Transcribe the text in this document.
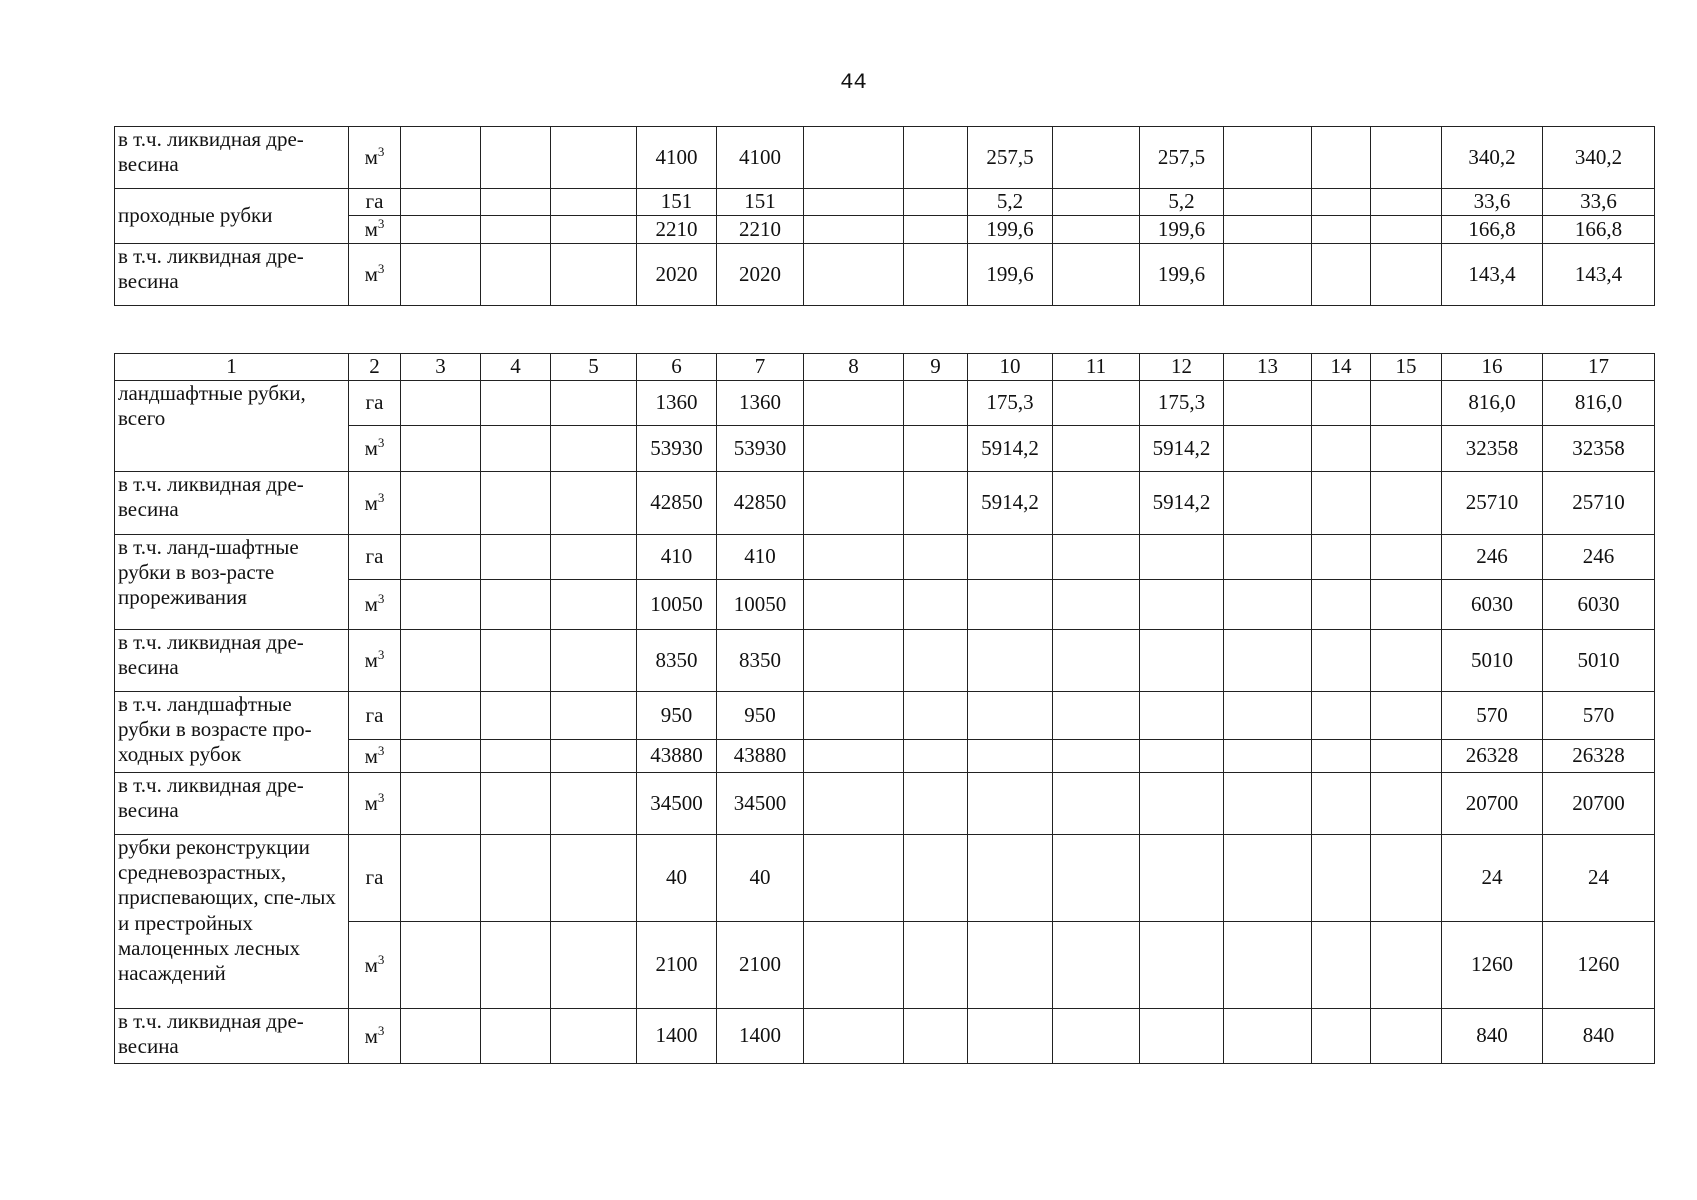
44
в т.ч. ликвидная дре-весина	$м^3$				4100	4100			257,5		257,5				340,2	340,2
проходные рубки	га				151	151			5,2		5,2				33,6	33,6
	$м^3$				2210	2210			199,6		199,6				166,8	166,8
в т.ч. ликвидная дре-весина	$м^3$				2020	2020			199,6		199,6				143,4	143,4
1	2	3	4	5	6	7	8	9	10	11	12	13	14	15	16	17
ландшафтные рубки, всего	га				1360	1360			175,3		175,3				816,0	816,0
	$м^3$				53930	53930			5914,2		5914,2				32358	32358
в т.ч. ликвидная дре-весина	$м^3$				42850	42850			5914,2		5914,2				25710	25710
в т.ч. ланд-шафтные рубки в воз-расте прореживания	га				410	410									246	246
	$м^3$				10050	10050									6030	6030
в т.ч. ликвидная дре-весина	$м^3$				8350	8350									5010	5010
в т.ч. ландшафтные рубки в возрасте про-ходных рубок	га				950	950									570	570
	$м^3$				43880	43880									26328	26328
в т.ч. ликвидная дре-весина	$м^3$				34500	34500									20700	20700
рубки реконструкции средневозрастных, приспевающих, спе-лых и престройных малоценных лесных насаждений	га				40	40									24	24
	$м^3$				2100	2100									1260	1260
в т.ч. ликвидная дре-весина	$м^3$				1400	1400									840	840
